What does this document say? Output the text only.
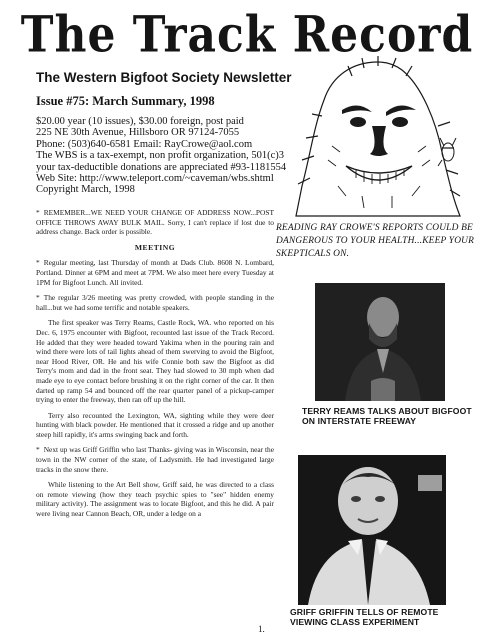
The Track Record
The Western Bigfoot Society Newsletter
Issue #75: March Summary, 1998
$20.00 year (10 issues), $30.00 foreign, post paid
225 NE 30th Avenue, Hillsboro OR 97124-7055
Phone: (503)640-6581 Email: RayCrowe@aol.com
The WBS is a tax-exempt, non profit organization, 501(c)3
your tax-deductible donations are appreciated #93-1181554
Web Site: http://www.teleport.com/~caveman/wbs.shtml
Copyright March, 1998

* REMEMBER...WE NEED YOUR CHANGE OF ADDRESS NOW...POST OFFICE THROWS AWAY BULK MAIL. Sorry, I can't replace if lost due to address change. Back order is possible.

MEETING

* Regular meeting, last Thursday of month at Dads Club. 8608 N. Lombard, Portland. Dinner at 6PM and meet at 7PM. We also meet here every Tuesday at 1PM for Bigfoot Lunch. All invited.

* The regular 3/26 meeting was pretty crowded, with people standing in the hall...but we had some terrific and notable speakers.

The first speaker was Terry Reams, Castle Rock, WA. who reported on his Dec. 6, 1975 encounter with Bigfoot, recounted last issue of the Track Record. He added that they were headed toward Yakima when in the pouring rain and wind there were lots of tail lights ahead of them swerving to avoid the Bigfoot, near Hood River, OR. He and his wife Connie both saw the Bigfoot as did Terry's mom and dad in the front seat. They had slowed to 30 mph when dad made eye to eye contact before brushing it on the right corner of the car. It then darted up ramp 54 and bounced off the rear quarter panel of a pickup-camper trying to enter the freeway, then ran off up the hill.

Terry also recounted the Lexington, WA, sighting while they were deer hunting with black powder. He mentioned that it crossed a ridge and up another steep hill rapidly, it's arms swinging back and forth.

* Next up was Griff Griffin who last Thanks- giving was in Wisconsin, near the town in the NW corner of the state, of Ladysmith. He had investigated large tracks in the snow there.

While listening to the Art Bell show, Griff said, he was directed to a class on remote viewing (how they teach psychic spies to "see" hidden enemy military activity). The assignment was to locate Bigfoot, and this he did. A pair were living near Cannon Beach, OR, under a ledge on a

READING RAY CROWE'S REPORTS COULD BE DANGEROUS TO YOUR HEALTH...KEEP YOUR SKEPTICALS ON.
TERRY REAMS TALKS ABOUT BIGFOOT ON INTERSTATE FREEWAY
GRIFF GRIFFIN TELLS OF REMOTE VIEWING CLASS EXPERIMENT
1.
